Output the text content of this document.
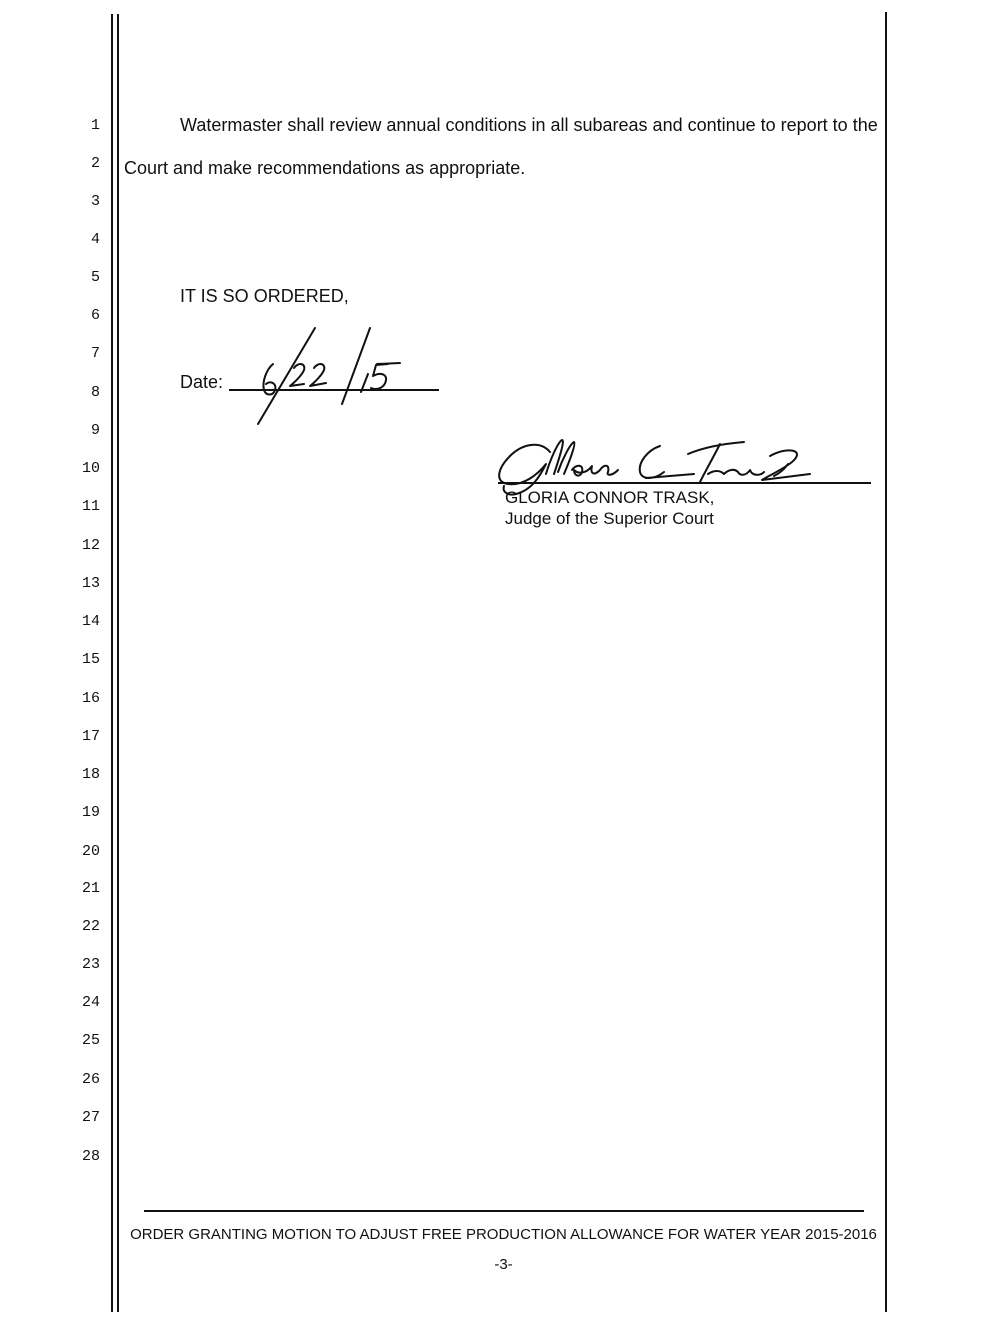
1
2
3
4
5
6
7
8
9
10
11
12
13
14
15
16
17
18
19
20
21
22
23
24
25
26
27
28
Watermaster shall review annual conditions in all subareas and continue to report to the
Court and make recommendations as appropriate.
IT IS SO ORDERED,
Date:
GLORIA CONNOR TRASK,
Judge of the Superior Court
ORDER GRANTING MOTION TO ADJUST FREE PRODUCTION ALLOWANCE FOR WATER YEAR 2015-2016
-3-
